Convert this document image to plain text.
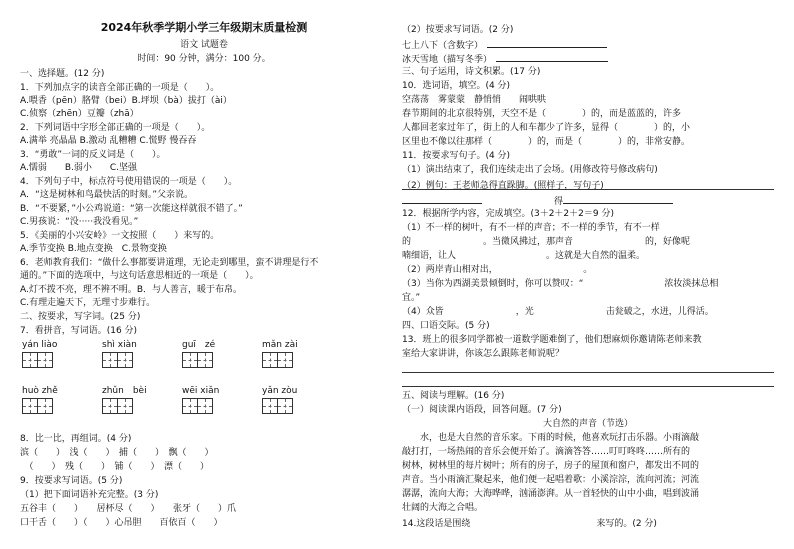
2024年秋季学期小学三年级期末质量检测
语文 试题卷
时间：90 分钟，满分：100 分。
一、选择题。(12 分)
1．下列加点字的读音全部正确的一项是（　　）。
A.喂香（pēn）胳臂（bei）B.坪坝（bà）拔打（ài）
C.侦察（zhēn）豆瓣（zhā）
2．下列词语中字形全部正确的一项是（　　）。
A.满举 亮晶晶 B.激动 乱糟糟 C.慌野 慢吞吞
3．“勇敢”一词的反义词是（　　）。
A.懦弱　　B.弱小　　C.坚强
4．下列句子中，标点符号使用错误的一项是（　　）。
A．“这是树林和鸟最快活的时刻。”父亲说。
B．“不要紧，”小公鸡说道：“第一次能这样就很不错了。”
C.男孩说：“没·····我没看见。”
5．《美丽的小兴安岭》一文按照（　　）来写的。
A.季节变换 B.地点变换　C.景物变换
6．老师教育我们：“做什么事都要讲道理，无论走到哪里，蛮不讲理是行不
通的。”下面的选项中，与这句话意思相近的一项是（　　）。
A.灯不拨不亮，理不辨不明。B．与人善言，暖于布帛。
C.有理走遍天下，无理寸步难行。
二、按要求，写字词。(25 分)
7．看拼音，写词语。(16 分)
yán liào	shì xiàn	guī　zé	mǎn zài
huò zhě	zhǔn　bèi	wēi xiǎn	yǎn zòu
8．比一比，再组词。(4 分)
滨（　　）　浅（　　）　捕（　　）　飘（　　）
　（　　）　残（　　）　铺（　　）　漂（　　）
9．按要求写词语。(5 分)
（1）把下面词语补充完整。(3 分)
五谷丰（　　）　　居杯尽（　　）　　张牙（　　）爪
口干舌（　　）（　　）心吊胆　　百依百（　　）
（2）按要求写词语。(2 分)
七上八下（含数字）
冰天雪地（描写冬季）
三、句子运用，诗文积累。(17 分)
10．选词语，填空。(4 分)
空荡荡　雾蒙蒙　静悄悄　　闹哄哄
春节期间的北京很特别，天空不是（　　　　）的，而是蓝蓝的，许多
人都回老家过年了，街上的人和车都少了许多，显得（　　　　）的，小
区里也不像以往那样（　　　　）的，而是（　　　　）的，非常安静。
11．按要求写句子。(4 分)
（1）演出结束了，我们连续走出了会场。(用修改符号修改病句)
（2）例句：王老师急得直跺脚。(照样子，写句子)
　　　　　　　　得
12．根据所学内容，完成填空。(3＋2＋2＋2＝9 分)
（1）不一样的树叶，有不一样的声音；不一样的季节，有不一样
的　　　　　　　　。当微风拂过，那声音　　　　　　　　的，好像呢
喃细语，让人　　　　　　　　　　。这就是大自然的温柔。
（2）两岸青山相对出，　　　　　　　　　　。
（3）当你为西湖美景倾倒时，你可以赞叹：“　　　　　　　　　浓妆淡抹总相
宜。”
（4）众皆　　　　　　　　，光　　　　　　　　击瓮破之，水迸，儿得活。
四、口语交际。(5 分)
13．班上的很多同学都被一道数学题难倒了，他们想麻烦你邀请陈老师来教
室给大家讲讲，你该怎么跟陈老师说呢？
五、阅读与理解。(16 分)
（一）阅读课内语段，回答问题。(7 分)
大自然的声音（节选）
　　水，也是大自然的音乐家。下雨的时候，他喜欢玩打击乐器。小雨滴敲
敲打打，一场热闹的音乐会便开始了。滴滴答答……叮叮咚咚……所有的
树林，树林里的每片树叶；所有的房子，房子的屋顶和窗户，都发出不同的
声音。当小雨滴汇聚起来，他们便一起唱着歌：小溪淙淙，流向河流；河流
潺潺，流向大海；大海哗哗，汹涌澎湃。从一首轻快的山中小曲，唱到波涌
壮阔的大海之合唱。
14.这段话是围绕　　　　　　　　　　　　　　来写的。(2 分)
